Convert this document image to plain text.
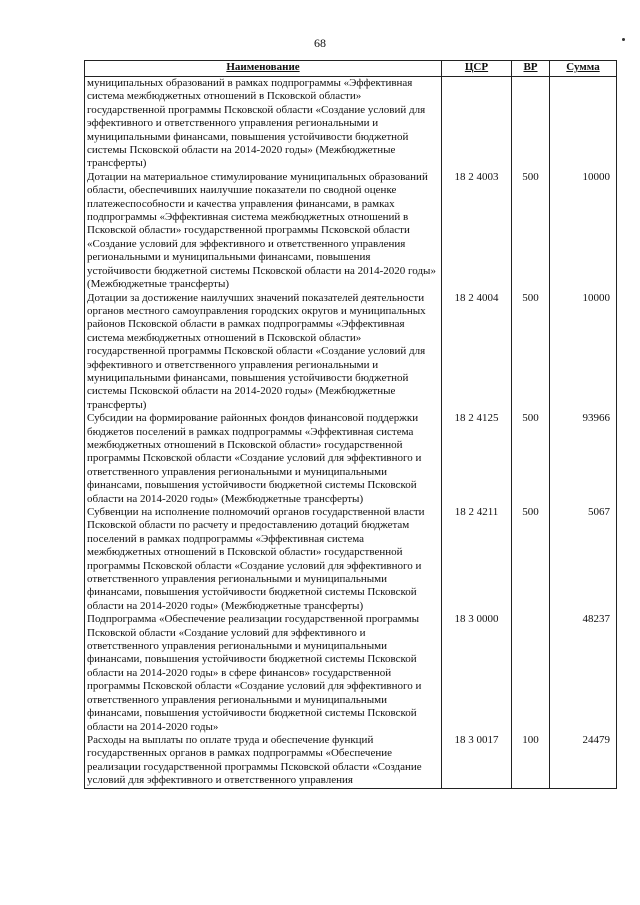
68
Наименование	ЦСР	ВР	Сумма
муниципальных образований в рамках подпрограммы «Эффективная система межбюджетных отношений в Псковской области» государственной программы Псковской области «Создание условий для эффективного и ответственного управления региональными и муниципальными финансами, повышения устойчивости бюджетной системы Псковской области на 2014-2020 годы» (Межбюджетные трансферты)			
Дотации на материальное стимулирование муниципальных образований области, обеспечивших наилучшие показатели по сводной оценке платежеспособности и качества управления финансами, в рамках подпрограммы «Эффективная система межбюджетных отношений в Псковской области» государственной программы Псковской области «Создание условий для эффективного и ответственного управления региональными и муниципальными финансами, повышения устойчивости бюджетной системы Псковской области на 2014-2020 годы» (Межбюджетные трансферты)	18 2 4003	500	10000
Дотации за достижение наилучших значений показателей деятельности органов местного самоуправления городских округов и муниципальных районов Псковской области в рамках подпрограммы «Эффективная система межбюджетных отношений в Псковской области» государственной программы Псковской области «Создание условий для эффективного и ответственного управления региональными и муниципальными финансами, повышения устойчивости бюджетной системы Псковской области на 2014-2020 годы» (Межбюджетные трансферты)	18 2 4004	500	10000
Субсидии на формирование районных фондов финансовой поддержки бюджетов поселений в рамках подпрограммы «Эффективная система межбюджетных отношений в Псковской области» государственной программы Псковской области «Создание условий для эффективного и ответственного управления региональными и муниципальными финансами, повышения устойчивости бюджетной системы Псковской области на 2014-2020 годы» (Межбюджетные трансферты)	18 2 4125	500	93966
Субвенции на исполнение полномочий органов государственной власти Псковской области по расчету и предоставлению дотаций бюджетам поселений в рамках подпрограммы «Эффективная система межбюджетных отношений в Псковской области» государственной программы Псковской области «Создание условий для эффективного и ответственного управления региональными и муниципальными финансами, повышения устойчивости бюджетной системы Псковской области на 2014-2020 годы» (Межбюджетные трансферты)	18 2 4211	500	5067
Подпрограмма «Обеспечение реализации государственной программы Псковской области «Создание условий для эффективного и ответственного управления региональными и муниципальными финансами, повышения устойчивости бюджетной системы Псковской области на 2014-2020 годы» в сфере финансов» государственной программы Псковской области «Создание условий для эффективного и ответственного управления региональными и муниципальными финансами, повышения устойчивости бюджетной системы Псковской области на 2014-2020 годы»	18 3 0000		48237
Расходы на выплаты по оплате труда и обеспечение функций государственных органов в рамках подпрограммы «Обеспечение реализации государственной программы Псковской области «Создание условий для эффективного и ответственного управления	18 3 0017	100	24479
